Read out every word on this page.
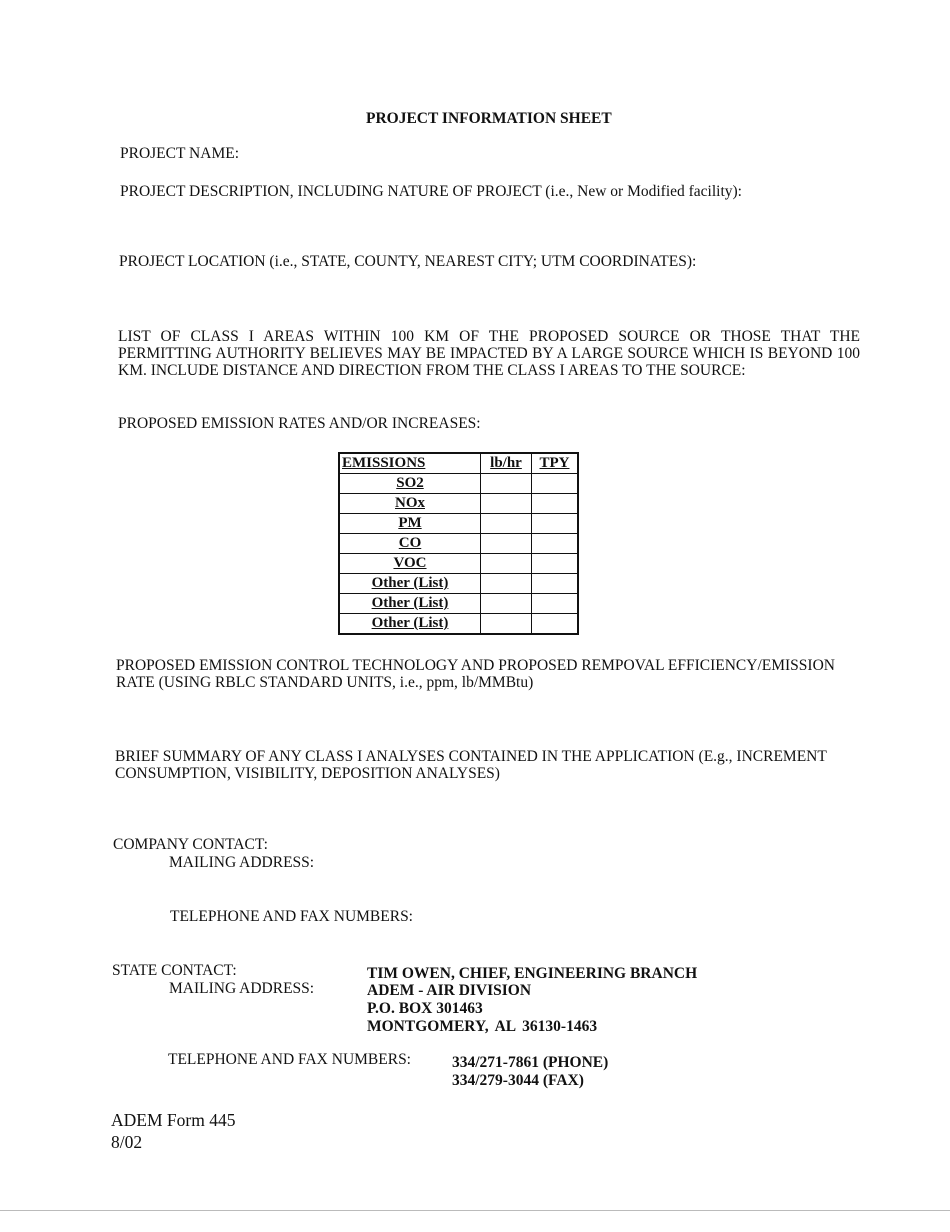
PROJECT INFORMATION SHEET
PROJECT NAME:
PROJECT DESCRIPTION, INCLUDING NATURE OF PROJECT (i.e., New or Modified facility):
PROJECT LOCATION (i.e., STATE, COUNTY, NEAREST CITY; UTM COORDINATES):
LIST OF CLASS I AREAS WITHIN 100 KM OF THE PROPOSED SOURCE OR THOSE THAT THE PERMITTING AUTHORITY BELIEVES MAY BE IMPACTED BY A LARGE SOURCE WHICH IS BEYOND 100 KM. INCLUDE DISTANCE AND DIRECTION FROM THE CLASS I AREAS TO THE SOURCE:
PROPOSED EMISSION RATES AND/OR INCREASES:
EMISSIONS	lb/hr	TPY
SO2		
NOx		
PM		
CO		
VOC		
Other (List)		
Other (List)		
Other (List)		
PROPOSED EMISSION CONTROL TECHNOLOGY AND PROPOSED REMPOVAL EFFICIENCY/EMISSION RATE (USING RBLC STANDARD UNITS, i.e., ppm, lb/MMBtu)
BRIEF SUMMARY OF ANY CLASS I ANALYSES CONTAINED IN THE APPLICATION (E.g., INCREMENT CONSUMPTION, VISIBILITY, DEPOSITION ANALYSES)
COMPANY CONTACT:
MAILING ADDRESS:
TELEPHONE AND FAX NUMBERS:
STATE CONTACT:
MAILING ADDRESS:
TIM OWEN, CHIEF, ENGINEERING BRANCH
ADEM - AIR DIVISION
P.O. BOX 301463
MONTGOMERY, AL 36130-1463
TELEPHONE AND FAX NUMBERS:	334/271-7861 (PHONE)
334/279-3044 (FAX)
ADEM Form 445
8/02
